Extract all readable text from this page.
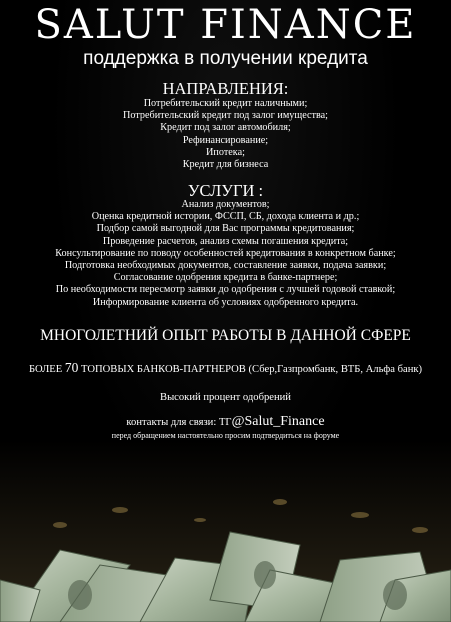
SALUT FINANCE
поддержка в получении кредита
НАПРАВЛЕНИЯ:
Потребительский кредит наличными;
Потребительский кредит под залог имущества;
Кредит под залог автомобиля;
Рефинансирование;
Ипотека;
Кредит для бизнеса
УСЛУГИ :
Анализ документов;
Оценка кредитной истории, ФССП, СБ, дохода клиента и др.;
Подбор самой выгодной для Вас программы кредитования;
Проведение расчетов, анализ схемы погашения кредита;
Консультирование по поводу особенностей кредитования в конкретном банке;
Подготовка необходимых документов, составление заявки, подача заявки;
Согласование одобрения кредита в банке-партнере;
По необходимости пересмотр заявки до одобрения с лучшей годовой ставкой;
Информирование клиента об условиях одобренного кредита.
МНОГОЛЕТНИЙ ОПЫТ РАБОТЫ В ДАННОЙ СФЕРЕ
БОЛЕЕ 70 ТОПОВЫХ БАНКОВ-ПАРТНЕРОВ (Сбер,Газпромбанк, ВТБ, Альфа банк)
Высокий процент одобрений
контакты для связи: ТГ@Salut_Finance
перед обращением настоятельно просим подтвердиться на форуме
